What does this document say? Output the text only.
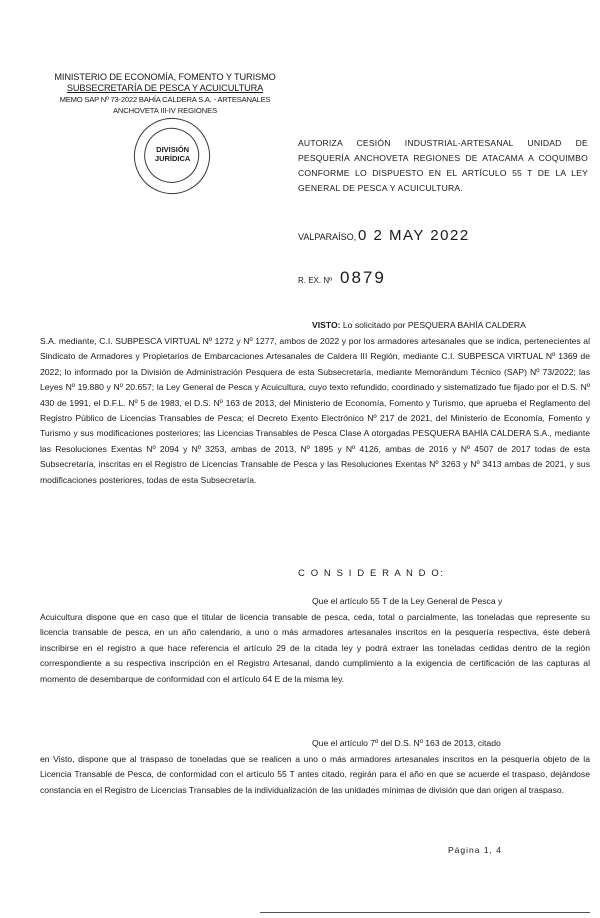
MINISTERIO DE ECONOMÍA, FOMENTO Y TURISMO
SUBSECRETARÍA DE PESCA Y ACUICULTURA
MEMO SAP Nº 73-2022 BAHÍA CALDERA S.A. - ARTESANALES
ANCHOVETA III-IV REGIONES
DIVISIÓN
JURÍDICA
AUTORIZA CESIÓN INDUSTRIAL-ARTESANAL UNIDAD DE PESQUERÍA ANCHOVETA REGIONES DE ATACAMA A COQUIMBO CONFORME LO DISPUESTO EN EL ARTÍCULO 55 T DE LA LEY GENERAL DE PESCA Y ACUICULTURA.
VALPARAÍSO, 0 2 MAY 2022
R. EX. Nº 0879
VISTO: Lo solicitado por PESQUERA BAHÍA CALDERA
S.A. mediante, C.I. SUBPESCA VIRTUAL Nº 1272 y Nº 1277, ambos de 2022 y por los armadores artesanales que se indica, pertenecientes al Sindicato de Armadores y Propietarios de Embarcaciones Artesanales de Caldera III Región, mediante C.I. SUBPESCA VIRTUAL Nº 1369 de 2022; lo informado por la División de Administración Pesquera de esta Subsecretaría, mediante Memorándum Técnico (SAP) Nº 73/2022; las Leyes Nº 19.880 y Nº 20.657; la Ley General de Pesca y Acuicultura, cuyo texto refundido, coordinado y sistematizado fue fijado por el D.S. Nº 430 de 1991, el D.F.L. Nº 5 de 1983, el D.S. Nº 163 de 2013, del Ministerio de Economía, Fomento y Turismo, que aprueba el Reglamento del Registro Público de Licencias Transables de Pesca; el Decreto Exento Electrónico Nº 217 de 2021, del Ministerio de Economía, Fomento y Turismo y sus modificaciones posteriores; las Licencias Transables de Pesca Clase A otorgadas PESQUERA BAHÍA CALDERA S.A., mediante las Resoluciones Exentas Nº 2094 y Nº 3253, ambas de 2013, Nº 1895 y Nº 4126, ambas de 2016 y Nº 4507 de 2017 todas de esta Subsecretaría, inscritas en el Registro de Licencias Transable de Pesca y las Resoluciones Exentas Nº 3263 y Nº 3413 ambas de 2021, y sus modificaciones posteriores, todas de esta Subsecretaría.
C O N S I D E R A N D O:
Que el artículo 55 T de la Ley General de Pesca y
Acuicultura dispone que en caso que el titular de licencia transable de pesca, ceda, total o parcialmente, las toneladas que represente su licencia transable de pesca, en un año calendario, a uno o más armadores artesanales inscritos en la pesquería respectiva, éste deberá inscribirse en el registro a que hace referencia el artículo 29 de la citada ley y podrá extraer las toneladas cedidas dentro de la región correspondiente a su respectiva inscripción en el Registro Artesanal, dando cumplimiento a la exigencia de certificación de las capturas al momento de desembarque de conformidad con el artículo 64 E de la misma ley.
Que el artículo 7º del D.S. Nº 163 de 2013, citado
en Visto, dispone que al traspaso de toneladas que se realicen a uno o más armadores artesanales inscritos en la pesquería objeto de la Licencia Transable de Pesca, de conformidad con el artículo 55 T antes citado, regirán para el año en que se acuerde el traspaso, dejándose constancia en el Registro de Licencias Transables de la individualización de las unidades mínimas de división que dan origen al traspaso.
Página 1, 4
